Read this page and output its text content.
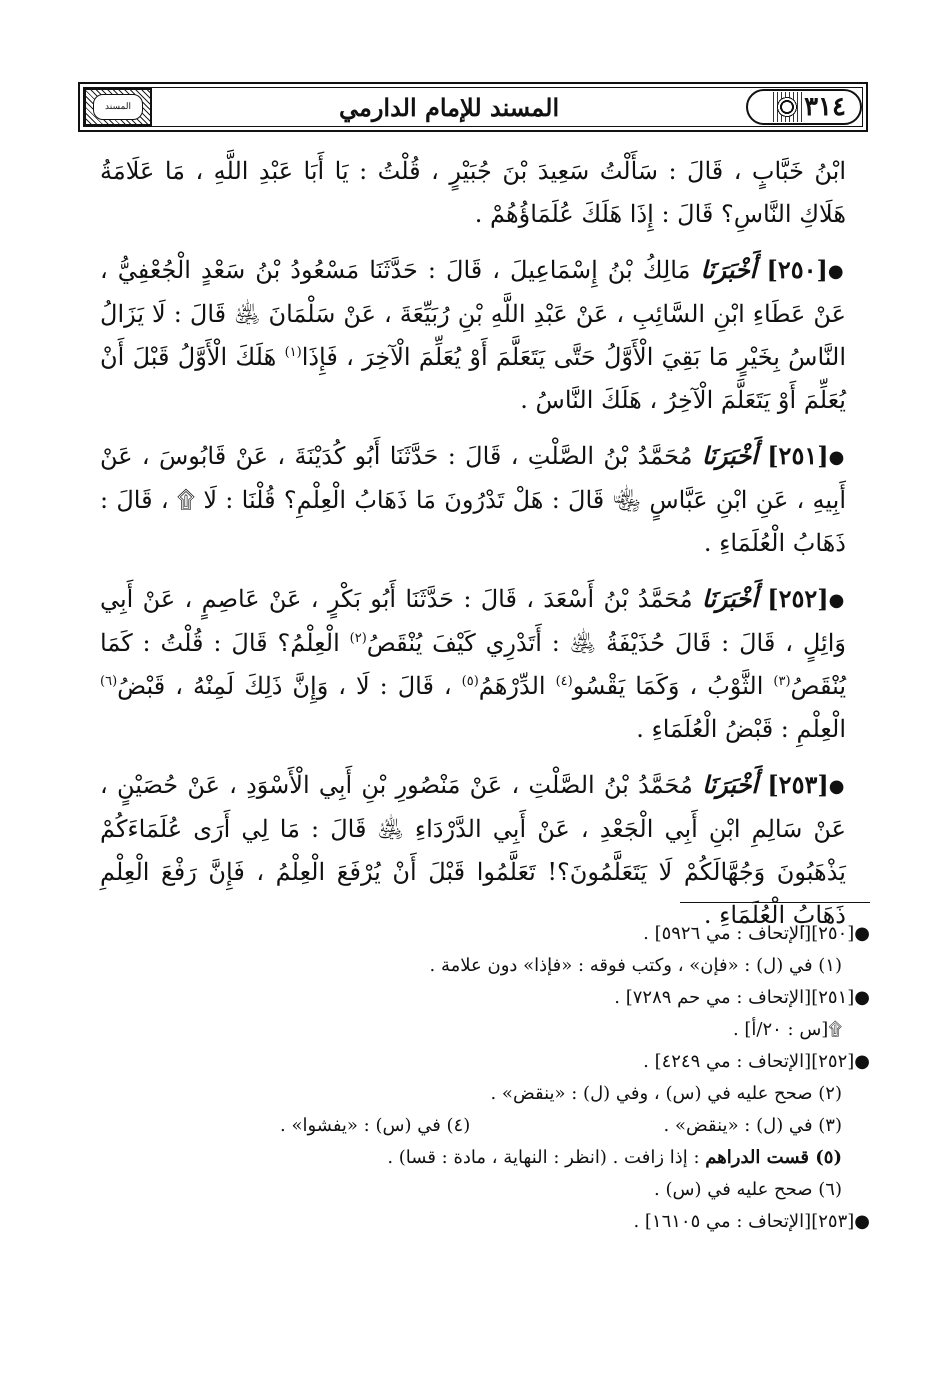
المسند	المسند للإمام الدارمي	٣١٤

ابْنُ خَبَّابٍ ، قَالَ : سَأَلْتُ سَعِيدَ بْنَ جُبَيْرٍ ، قُلْتُ : يَا أَبَا عَبْدِ اللَّهِ ، مَا عَلَامَةُ هَلَاكِ النَّاسِ؟ قَالَ : إِذَا هَلَكَ عُلَمَاؤُهُمْ .

●[٢٥٠] أَخْبَرَنَا مَالِكُ بْنُ إِسْمَاعِيلَ ، قَالَ : حَدَّثَنَا مَسْعُودُ بْنُ سَعْدٍ الْجُعْفِيُّ ، عَنْ عَطَاءِ ابْنِ السَّائِبِ ، عَنْ عَبْدِ اللَّهِ بْنِ رُبَيِّعَةَ ، عَنْ سَلْمَانَ ﵁ قَالَ : لَا يَزَالُ النَّاسُ بِخَيْرٍ مَا بَقِيَ الْأَوَّلُ حَتَّى يَتَعَلَّمَ أَوْ يُعَلِّمَ الْآخِرَ ، فَإِذَا$^{(١)}$ هَلَكَ الْأَوَّلُ قَبْلَ أَنْ يُعَلِّمَ أَوْ يَتَعَلَّمَ الْآخِرُ ، هَلَكَ النَّاسُ .

●[٢٥١] أَخْبَرَنَا مُحَمَّدُ بْنُ الصَّلْتِ ، قَالَ : حَدَّثَنَا أَبُو كُدَيْنَةَ ، عَنْ قَابُوسَ ، عَنْ أَبِيهِ ، عَنِ ابْنِ عَبَّاسٍ ﵄ قَالَ : هَلْ تَدْرُونَ مَا ذَهَابُ الْعِلْمِ؟ قُلْنَا : لَا ۩ ، قَالَ : ذَهَابُ الْعُلَمَاءِ .

●[٢٥٢] أَخْبَرَنَا مُحَمَّدُ بْنُ أَسْعَدَ ، قَالَ : حَدَّثَنَا أَبُو بَكْرٍ ، عَنْ عَاصِمٍ ، عَنْ أَبِي وَائِلٍ ، قَالَ : قَالَ حُذَيْفَةُ ﵁ : أَتَدْرِي كَيْفَ يُنْقَصُ$^{(٢)}$ الْعِلْمُ؟ قَالَ : قُلْتُ : كَمَا يُنْقَصُ$^{(٣)}$ الثَّوْبُ ، وَكَمَا يَقْسُو$^{(٤)}$ الدِّرْهَمُ$^{(٥)}$ ، قَالَ : لَا ، وَإِنَّ ذَلِكَ لَمِنْهُ ، قَبْضُ$^{(٦)}$ الْعِلْمِ : قَبْضُ الْعُلَمَاءِ .

●[٢٥٣] أَخْبَرَنَا مُحَمَّدُ بْنُ الصَّلْتِ ، عَنْ مَنْصُورِ بْنِ أَبِي الْأَسْوَدِ ، عَنْ حُصَيْنٍ ، عَنْ سَالِمِ ابْنِ أَبِي الْجَعْدِ ، عَنْ أَبِي الدَّرْدَاءِ ﵁ قَالَ : مَا لِي أَرَى عُلَمَاءَكُمْ يَذْهَبُونَ وَجُهَّالَكُمْ لَا يَتَعَلَّمُونَ؟! تَعَلَّمُوا قَبْلَ أَنْ يُرْفَعَ الْعِلْمُ ، فَإِنَّ رَفْعَ الْعِلْمِ ذَهَابُ الْعُلَمَاءِ .

●[٢٥٠][الإتحاف : مي ٥٩٢٦] .

(١) في (ل) : «فإن» ، وكتب فوقه : «فإذا» دون علامة .

●[٢٥١][الإتحاف : مي حم ٧٢٨٩] .

۩[س : ٢٠/أ] .

●[٢٥٢][الإتحاف : مي ٤٢٤٩] .

(٢) صحح عليه في (س) ، وفي (ل) : «ينقض» .

(٣) في (ل) : «ينقض» .
(٤) في (س) : «يفشوا» .

(٥) قست الدراهم : إذا زافت . (انظر : النهاية ، مادة : قسا) .

(٦) صحح عليه في (س) .

●[٢٥٣][الإتحاف : مي ١٦١٠٥] .
